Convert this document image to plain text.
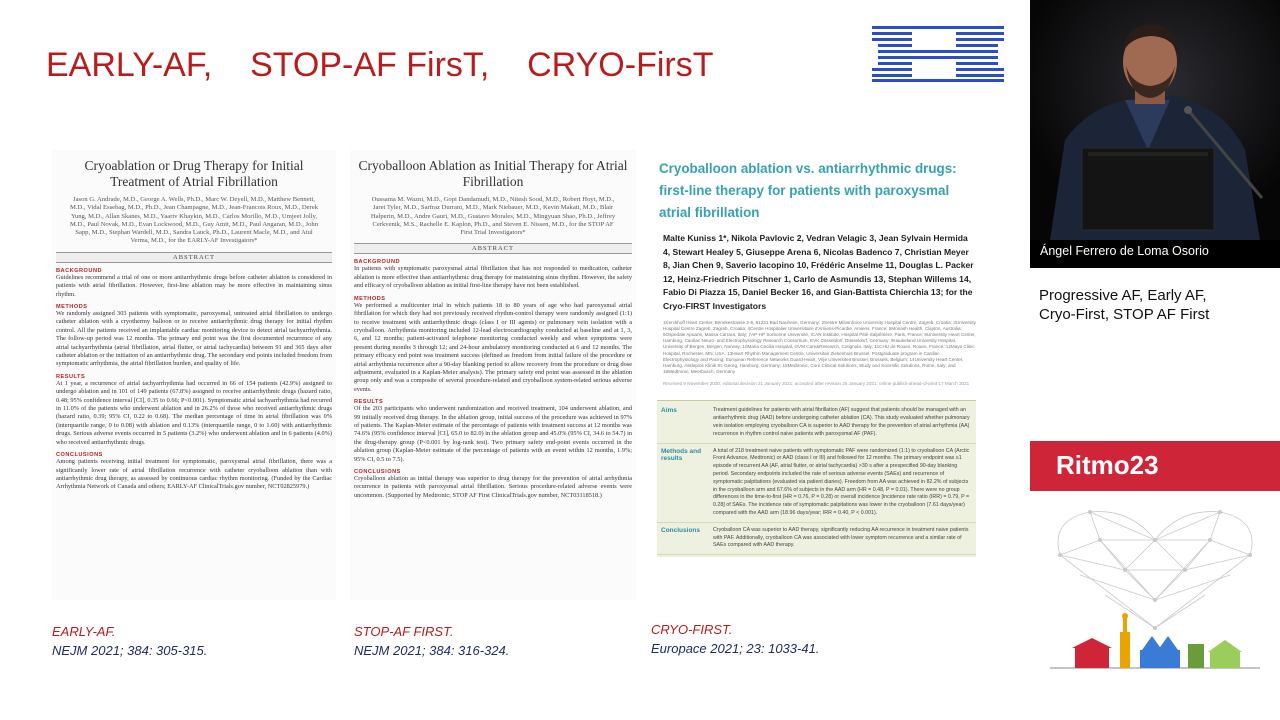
EARLY-AF,    STOP-AF FirsT,    CRYO-FirsT
Cryoablation or Drug Therapy for Initial Treatment of Atrial Fibrillation
Jason G. Andrade, M.D., George A. Wells, Ph.D., Marc W. Deyell, M.D., Matthew Bennett, M.D., Vidal Essebag, M.D., Ph.D., Jean Champagne, M.D., Jean-Francois Roux, M.D., Derek Yung, M.D., Allan Skanes, M.D., Yaariv Khaykin, M.D., Carlos Morillo, M.D., Umjeet Jolly, M.D., Paul Novak, M.D., Evan Lockwood, M.D., Guy Amit, M.D., Paul Angaran, M.D., John Sapp, M.D., Stephan Wardell, M.D., Sandra Lauck, Ph.D., Laurent Macle, M.D., and Atul Verma, M.D., for the EARLY-AF Investigators*
ABSTRACT
BACKGROUND
Guidelines recommend a trial of one or more antiarrhythmic drugs before catheter ablation is considered in patients with atrial fibrillation. However, first-line ablation may be more effective in maintaining sinus rhythm.
METHODS
We randomly assigned 303 patients with symptomatic, paroxysmal, untreated atrial fibrillation to undergo catheter ablation with a cryothermy balloon or to receive antiarrhythmic drug therapy for initial rhythm control. All the patients received an implantable cardiac monitoring device to detect atrial tachyarrhythmia. The follow-up period was 12 months. The primary end point was the first documented recurrence of any atrial tachyarrhythmia (atrial fibrillation, atrial flutter, or atrial tachycardia) between 91 and 365 days after catheter ablation or the initiation of an antiarrhythmic drug. The secondary end points included freedom from symptomatic arrhythmia, the atrial fibrillation burden, and quality of life.
RESULTS
At 1 year, a recurrence of atrial tachyarrhythmia had occurred in 66 of 154 patients (42.9%) assigned to undergo ablation and in 101 of 149 patients (67.8%) assigned to receive antiarrhythmic drugs (hazard ratio, 0.48; 95% confidence interval [CI], 0.35 to 0.66; P<0.001). Symptomatic atrial tachyarrhythmia had recurred in 11.0% of the patients who underwent ablation and in 26.2% of those who received antiarrhythmic drugs (hazard ratio, 0.39; 95% CI, 0.22 to 0.68). The median percentage of time in atrial fibrillation was 0% (interquartile range, 0 to 0.08) with ablation and 0.13% (interquartile range, 0 to 1.60) with antiarrhythmic drugs. Serious adverse events occurred in 5 patients (3.2%) who underwent ablation and in 6 patients (4.0%) who received antiarrhythmic drugs.
CONCLUSIONS
Among patients receiving initial treatment for symptomatic, paroxysmal atrial fibrillation, there was a significantly lower rate of atrial fibrillation recurrence with catheter cryoballoon ablation than with antiarrhythmic drug therapy, as assessed by continuous cardiac rhythm monitoring. (Funded by the Cardiac Arrhythmia Network of Canada and others; EARLY-AF ClinicalTrials.gov number, NCT02825979.)
Cryoballoon Ablation as Initial Therapy for Atrial Fibrillation
Oussama M. Wazni, M.D., Gopi Dandamudi, M.D., Nitesh Sood, M.D., Robert Hoyt, M.D., Jaret Tyler, M.D., Sarfraz Durrani, M.D., Mark Niebauer, M.D., Kevin Makati, M.D., Blair Halperin, M.D., Andre Gauri, M.D., Gustavo Morales, M.D., Mingyuan Shao, Ph.D., Jeffrey Cerkvenik, M.S., Rachelle E. Kaplon, Ph.D., and Steven E. Nissen, M.D., for the STOP AF First Trial Investigators*
ABSTRACT
BACKGROUND
In patients with symptomatic paroxysmal atrial fibrillation that has not responded to medication, catheter ablation is more effective than antiarrhythmic drug therapy for maintaining sinus rhythm. However, the safety and efficacy of cryoballoon ablation as initial first-line therapy have not been established.
METHODS
We performed a multicenter trial in which patients 18 to 80 years of age who had paroxysmal atrial fibrillation for which they had not previously received rhythm-control therapy were randomly assigned (1:1) to receive treatment with antiarrhythmic drugs (class I or III agents) or pulmonary vein isolation with a cryoballoon. Arrhythmia monitoring included 12-lead electrocardiography conducted at baseline and at 1, 3, 6, and 12 months; patient-activated telephone monitoring conducted weekly and when symptoms were present during months 3 through 12; and 24-hour ambulatory monitoring conducted at 6 and 12 months. The primary efficacy end point was treatment success (defined as freedom from initial failure of the procedure or atrial arrhythmia recurrence after a 90-day blanking period to allow recovery from the procedure or drug dose adjustment, evaluated in a Kaplan-Meier analysis). The primary safety end point was assessed in the ablation group only and was a composite of several procedure-related and cryoballoon system-related serious adverse events.
RESULTS
Of the 203 participants who underwent randomization and received treatment, 104 underwent ablation, and 99 initially received drug therapy. In the ablation group, initial success of the procedure was achieved in 97% of patients. The Kaplan-Meier estimate of the percentage of patients with treatment success at 12 months was 74.6% (95% confidence interval [CI], 65.0 to 82.0) in the ablation group and 45.0% (95% CI, 34.6 to 54.7) in the drug-therapy group (P<0.001 by log-rank test). Two primary safety end-point events occurred in the ablation group (Kaplan-Meier estimate of the percentage of patients with an event within 12 months, 1.9%; 95% CI, 0.5 to 7.5).
CONCLUSIONS
Cryoballoon ablation as initial therapy was superior to drug therapy for the prevention of atrial arrhythmia recurrence in patients with paroxysmal atrial fibrillation. Serious procedure-related adverse events were uncommon. (Supported by Medtronic; STOP AF First ClinicalTrials.gov number, NCT03118518.)
Cryoballoon ablation vs. antiarrhythmic drugs: first-line therapy for patients with paroxysmal atrial fibrillation
Malte Kuniss 1*, Nikola Pavlovic 2, Vedran Velagic 3, Jean Sylvain Hermida 4, Stewart Healey 5, Giuseppe Arena 6, Nicolas Badenco 7, Christian Meyer 8, Jian Chen 9, Saverio Iacopino 10, Frédéric Anselme 11, Douglas L. Packer 12, Heinz-Friedrich Pitschner 1, Carlo de Asmundis 13, Stephan Willems 14, Fabio Di Piazza 15, Daniel Becker 16, and Gian-Battista Chierchia 13; for the Cryo-FIRST Investigators
1Kerckhoff Heart Center, Benekestrasse 2-8, 61231 Bad Nauheim, Germany; 2Sestre Milosrdnice University Hospital Centre, Zagreb, Croatia; 3University Hospital Centre Zagreb, Zagreb, Croatia; 4Centre Hospitalier Universitaire d'Amiens-Picardie, Amiens, France; 5Monash Health, Clayton, Australia; 6Ospedale Apuane, Massa Carrara, Italy; 7AP-HP Sorbonne Université, ICAN Institute, Hospital Pitié-Salpêtrière, Paris, France; 8University Heart Center, Hamburg, Cardiac Neuro- and Electrophysiology Research Consortium, EVK Düsseldorf, Düsseldorf, Germany; 9Haukeland University Hospital, University of Bergen, Bergen, Norway; 10Maria Cecilia Hospital, GVM Care&Research, Cotignola, Italy; 11CHU de Rouen, Rouen, France; 12Mayo Clinic Hospital, Rochester, MN, USA; 13Heart Rhythm Management Centre, Universitair Ziekenhuis Brussel, Postgraduate program in Cardiac Electrophysiology and Pacing, European Reference Networks Guard-Heart, Vrije Universiteit Brussel, Brussels, Belgium; 14University Heart Center, Hamburg, Asklepios Klinik St. Georg, Hamburg, Germany; 15Medtronic, Core Clinical Solutions, Study and Scientific Solutions, Rome, Italy; and 16Medtronic, Meerbusch, Germany
Received 9 November 2020; editorial decision 21 January 2021; accepted after revision 25 January 2021; online publish-ahead-of-print 17 March 2021
Aims	Treatment guidelines for patients with atrial fibrillation (AF) suggest that patients should be managed with an antiarrhythmic drug (AAD) before undergoing catheter ablation (CA). This study evaluated whether pulmonary vein isolation employing cryoballoon CA is superior to AAD therapy for the prevention of atrial arrhythmia (AA) recurrence in rhythm control naive patients with paroxysmal AF (PAF).
Methods and results
A total of 218 treatment naive patients with symptomatic PAF were randomized (1:1) to cryoballoon CA (Arctic Front Advance, Medtronic) or AAD (class I or III) and followed for 12 months. The primary endpoint was ≥1 episode of recurrent AA (AF, atrial flutter, or atrial tachycardia) >30 s after a prespecified 90-day blanking period. Secondary endpoints included the rate of serious adverse events (SAEs) and recurrence of symptomatic palpitations (evaluated via patient diaries). Freedom from AA was achieved in 82.2% of subjects in the cryoballoon arm and 67.6% of subjects in the AAD arm (HR = 0.48, P = 0.01). There were no group differences in the time-to-first (HR = 0.76, P = 0.28) or overall incidence [incidence rate ratio (IRR) = 0.79, P = 0.28] of SAEs. The incidence rate of symptomatic palpitations was lower in the cryoballoon (7.61 days/year) compared with the AAD arm (18.96 days/year; IRR = 0.40, P < 0.001).
Conclusions	Cryoballoon CA was superior to AAD therapy, significantly reducing AA recurrence in treatment naive patients with PAF. Additionally, cryoballoon CA was associated with lower symptom recurrence and a similar rate of SAEs compared with AAD therapy.
EARLY-AF.
NEJM 2021; 384: 305-315.
STOP-AF FIRST.
NEJM 2021; 384: 316-324.
CRYO-FIRST.
Europace 2021; 23: 1033-41.
Ángel Ferrero de Loma Osorio
Progressive AF, Early AF,
Cryo-First, STOP AF First
Ritmo23
